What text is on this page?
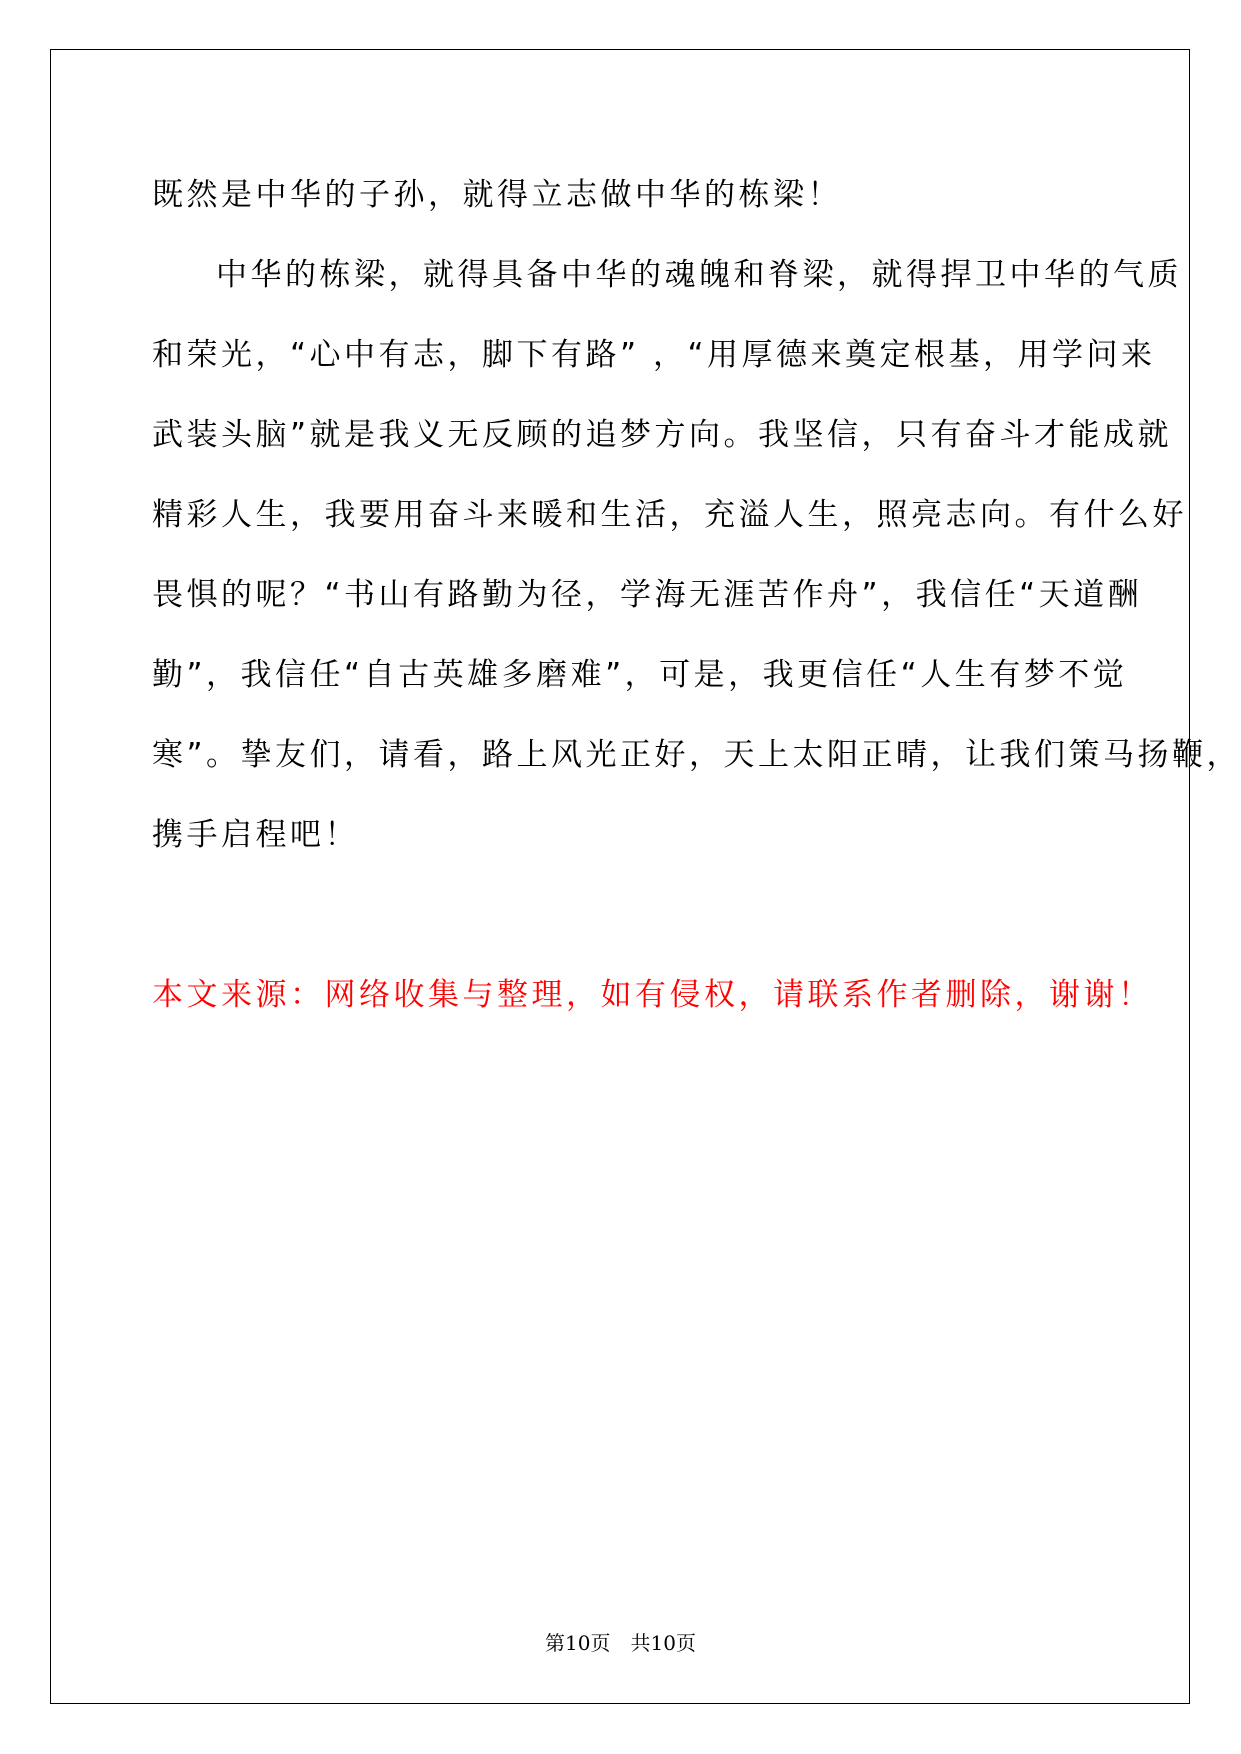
既然是中华的子孙，就得立志做中华的栋梁！

中华的栋梁，就得具备中华的魂魄和脊梁，就得捍卫中华的气质

和荣光，“心中有志，脚下有路” ，“用厚德来奠定根基，用学问来

武装头脑”就是我义无反顾的追梦方向。我坚信，只有奋斗才能成就

精彩人生，我要用奋斗来暖和生活，充溢人生，照亮志向。有什么好

畏惧的呢？“书山有路勤为径，学海无涯苦作舟”，我信任“天道酬

勤”，我信任“自古英雄多磨难”，可是，我更信任“人生有梦不觉

寒”。挚友们，请看，路上风光正好，天上太阳正晴，让我们策马扬鞭，

携手启程吧！

本文来源：网络收集与整理，如有侵权，请联系作者删除，谢谢！

第10页 共10页
